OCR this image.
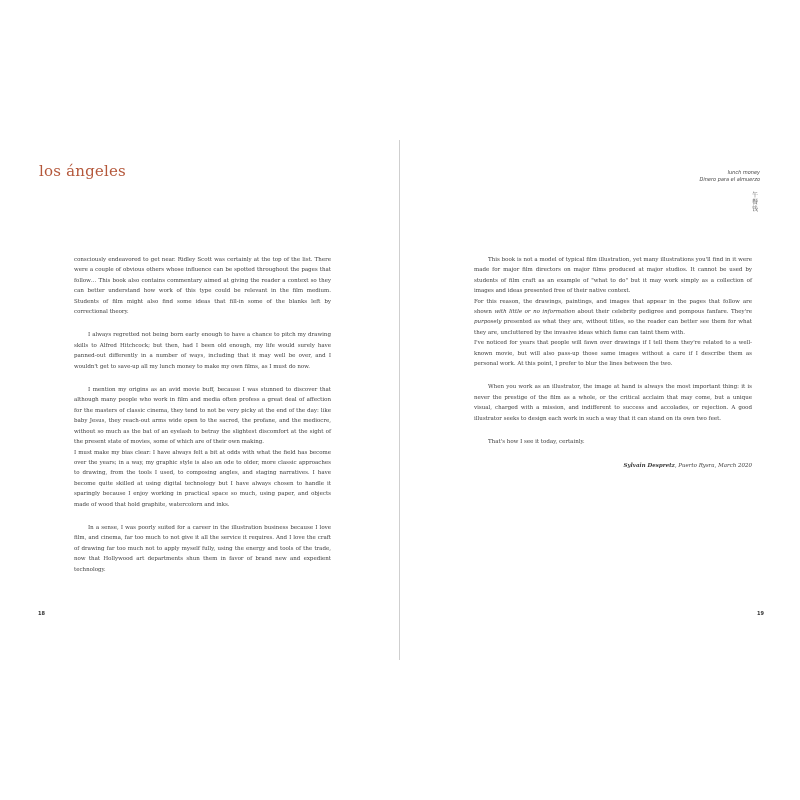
los ángeles

consciously endeavored to get near. Ridley Scott was certainly at the top of the list. There were a couple of obvious others whose influence can be spotted throughout the pages that follow… This book also contains commentary aimed at giving the reader a context so they can better understand how work of this type could be relevant in the film medium. Students of film might also find some ideas that fill-in some of the blanks left by correctional theory.

I always regretted not being born early enough to have a chance to pitch my drawing skills to Alfred Hitchcock; but then, had I been old enough, my life would surely have panned-out differently in a number of ways, including that it may well be over, and I wouldn't get to save-up all my lunch money to make my own films, as I must do now.

I mention my origins as an avid movie buff, because I was stunned to discover that although many people who work in film and media often profess a great deal of affection for the masters of classic cinema, they tend to not be very picky at the end of the day: like baby Jesus, they reach-out arms wide open to the sacred, the profane, and the mediocre, without so much as the bat of an eyelash to betray the slightest discomfort at the sight of the present state of movies, some of which are of their own making.

I must make my bias clear: I have always felt a bit at odds with what the field has become over the years; in a way, my graphic style is also an ode to older, more classic approaches to drawing, from the tools I used, to composing angles, and staging narratives. I have become quite skilled at using digital technology but I have always chosen to handle it sparingly because I enjoy working in practical space so much, using paper, and objects made of wood that hold graphite, watercolorn and inks.

In a sense, I was poorly suited for a career in the illustration business because I love film, and cinema, far too much to not give it all the service it requires. And I love the craft of drawing far too much not to apply myself fully, using the energy and tools of the trade, now that Hollywood art departments shun them in favor of brand new and expedient technology.

18
lunch money
Dinero para el almuerzo
午
餐
钱

This book is not a model of typical film illustration, yet many illustrations you'll find in it were made for major film directors on major films produced at major studios. It cannot be used by students of film craft as an example of "what to do" but it may work simply as a collection of images and ideas presented free of their native context.

For this reason, the drawings, paintings, and images that appear in the pages that follow are shown with little or no information about their celebrity pedigree and pompous fanfare. They're purposely presented as what they are, without titles, so the reader can better see them for what they are, uncluttered by the invasive ideas which fame can taint them with.

I've noticed for years that people will fawn over drawings if I tell them they're related to a well-known movie, but will also pass-up those same images without a care if I describe them as personal work. At this point, I prefer to blur the lines between the two.

When you work as an illustrator, the image at hand is always the most important thing: it is never the prestige of the film as a whole, or the critical acclaim that may come, but a unique visual, charged with a mission, and indifferent to success and accolades, or rejection. A good illustrator seeks to design each work in such a way that it can stand on its own two feet.

That's how I see it today, certainly.

Sylvain Despretz, Puerto Rysra, March 2020

19
